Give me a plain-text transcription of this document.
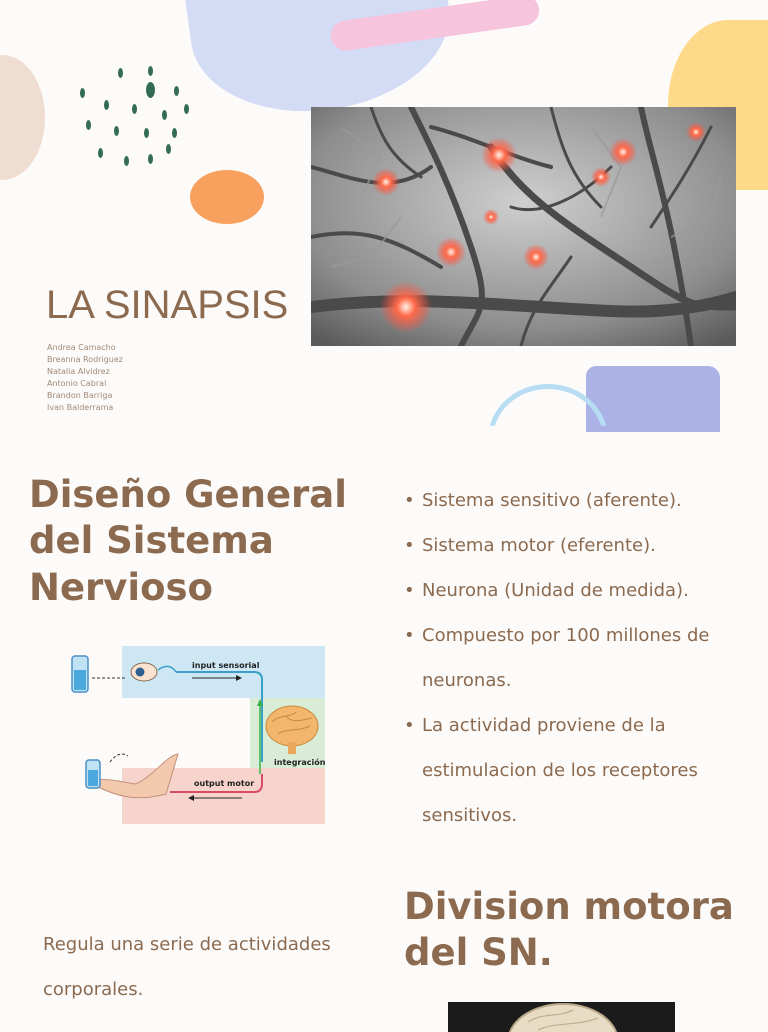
LA SINAPSIS
Andrea Camacho
Breanna Rodriguez
Natalia Alvidrez
Antonio Cabral
Brandon Barriga
Ivan Balderrama
Diseño General del Sistema Nervioso
• Sistema sensitivo (aferente).
• Sistema motor (eferente).
• Neurona (Unidad de medida).
• Compuesto por 100 millones de neuronas.
• La actividad proviene de la estimulacion de los receptores sensitivos.
input sensorial
integración
output motor
Division motora del SN.
Regula una serie de actividades corporales.
